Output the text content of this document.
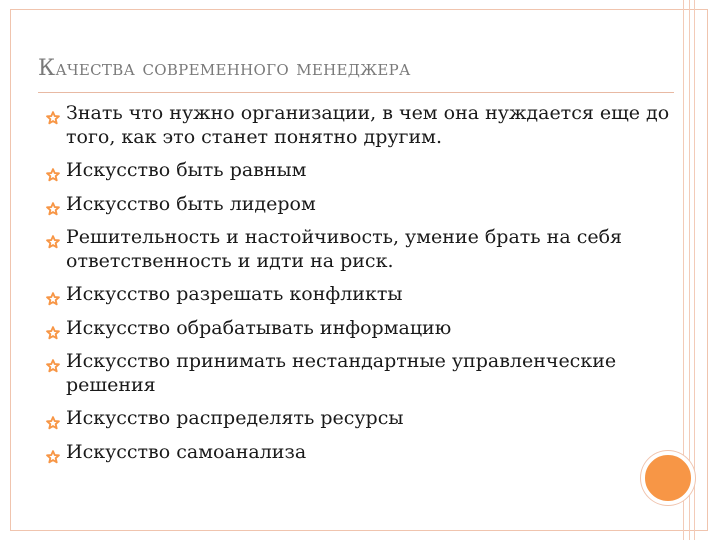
Качества современного менеджера
Знать что нужно организации, в чем она нуждается еще до того, как это станет понятно другим.
Искусство быть равным
Искусство быть лидером
Решительность и настойчивость, умение брать на себя ответственность и идти на риск.
Искусство разрешать конфликты
Искусство обрабатывать информацию
Искусство принимать нестандартные управленческие решения
Искусство распределять ресурсы
Искусство самоанализа
